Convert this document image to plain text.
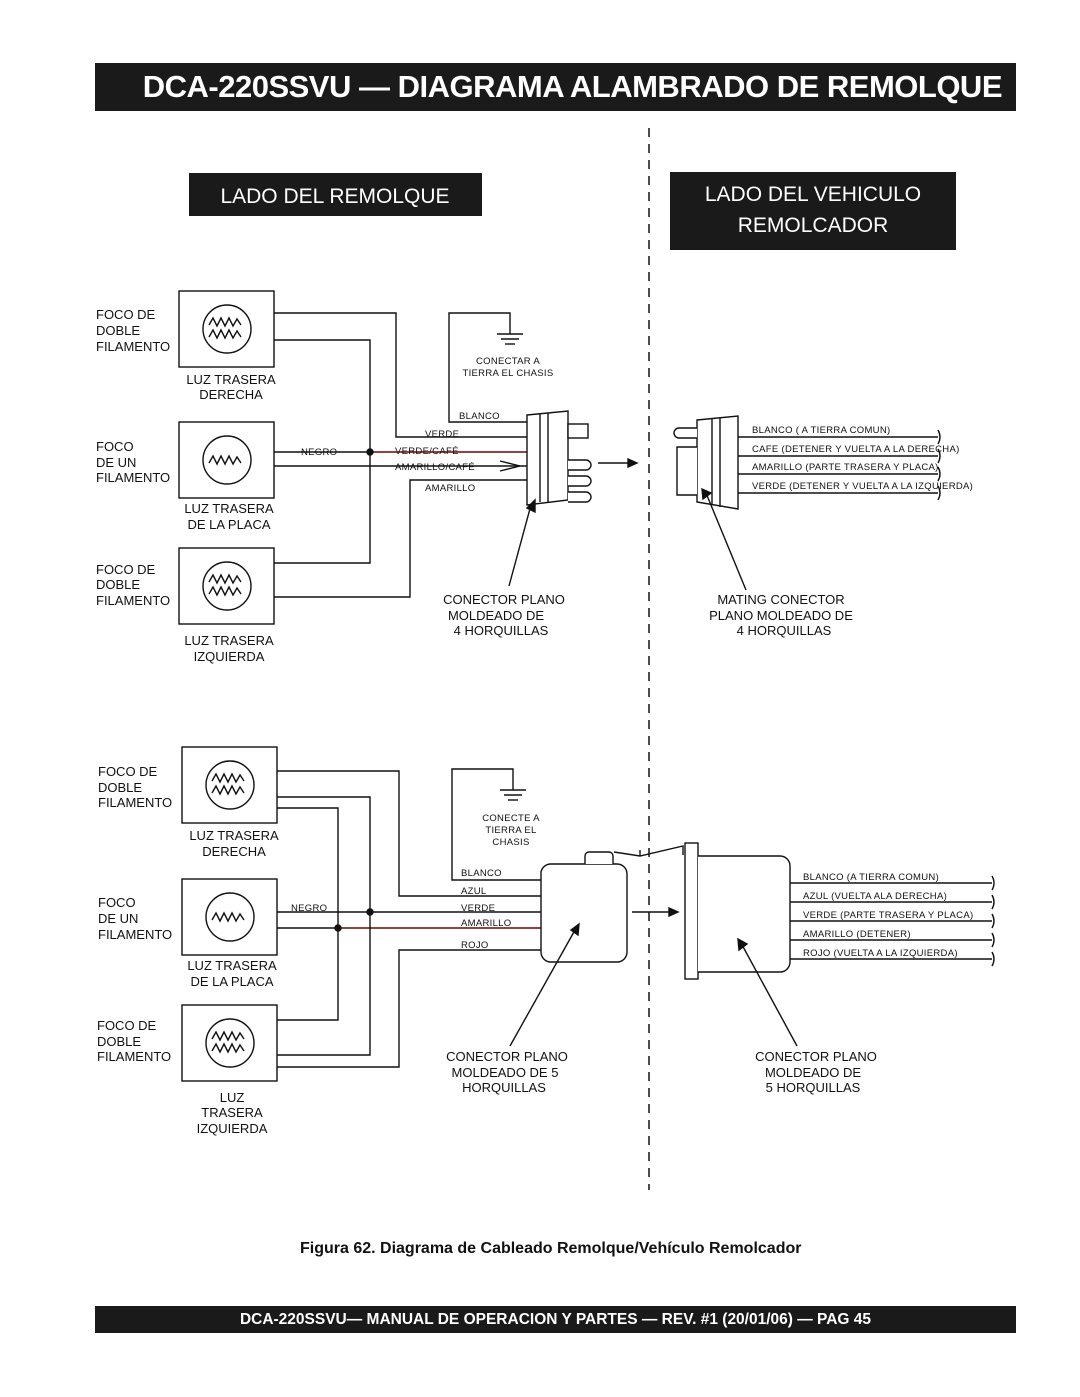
DCA-220SSVU — DIAGRAMA ALAMBRADO DE REMOLQUE
LADO DEL REMOLQUE	LADO DEL VEHICULO
REMOLCADOR
FOCO DE
DOBLE
FILAMENTO
LUZ TRASERA
DERECHA
FOCO
DE UN
FILAMENTO
LUZ TRASERA
DE LA PLACA
FOCO DE
DOBLE
FILAMENTO
LUZ TRASERA
IZQUIERDA
CONECTAR A
TIERRA EL CHASIS
NEGRO
BLANCO
VERDE
VERDE/CAFÉ
AMARILLO/CAFÉ
AMARILLO
BLANCO ( A TIERRA COMUN)
CAFE (DETENER Y VUELTA A LA DERECHA)
AMARILLO (PARTE TRASERA Y PLACA)
VERDE (DETENER Y VUELTA A LA IZQUIERDA)
CONECTOR PLANO
MOLDEADO DE
4 HORQUILLAS
MATING CONECTOR
PLANO MOLDEADO DE
4 HORQUILLAS
FOCO DE
DOBLE
FILAMENTO
LUZ TRASERA
DERECHA
FOCO
DE UN
FILAMENTO
LUZ TRASERA
DE LA PLACA
FOCO DE
DOBLE
FILAMENTO
LUZ
TRASERA
IZQUIERDA
CONECTE A
TIERRA EL
CHASIS
NEGRO
BLANCO
AZUL
VERDE
AMARILLO
ROJO
BLANCO (A TIERRA COMUN)
AZUL (VUELTA ALA DERECHA)
VERDE (PARTE TRASERA Y PLACA)
AMARILLO (DETENER)
ROJO (VUELTA A LA IZQUIERDA)
CONECTOR PLANO
MOLDEADO DE 5
HORQUILLAS
CONECTOR PLANO
MOLDEADO DE
5 HORQUILLAS
Figura 62. Diagrama de Cableado Remolque/Vehículo Remolcador
DCA-220SSVU— MANUAL DE OPERACION Y PARTES — REV. #1 (20/01/06) — PAG 45
